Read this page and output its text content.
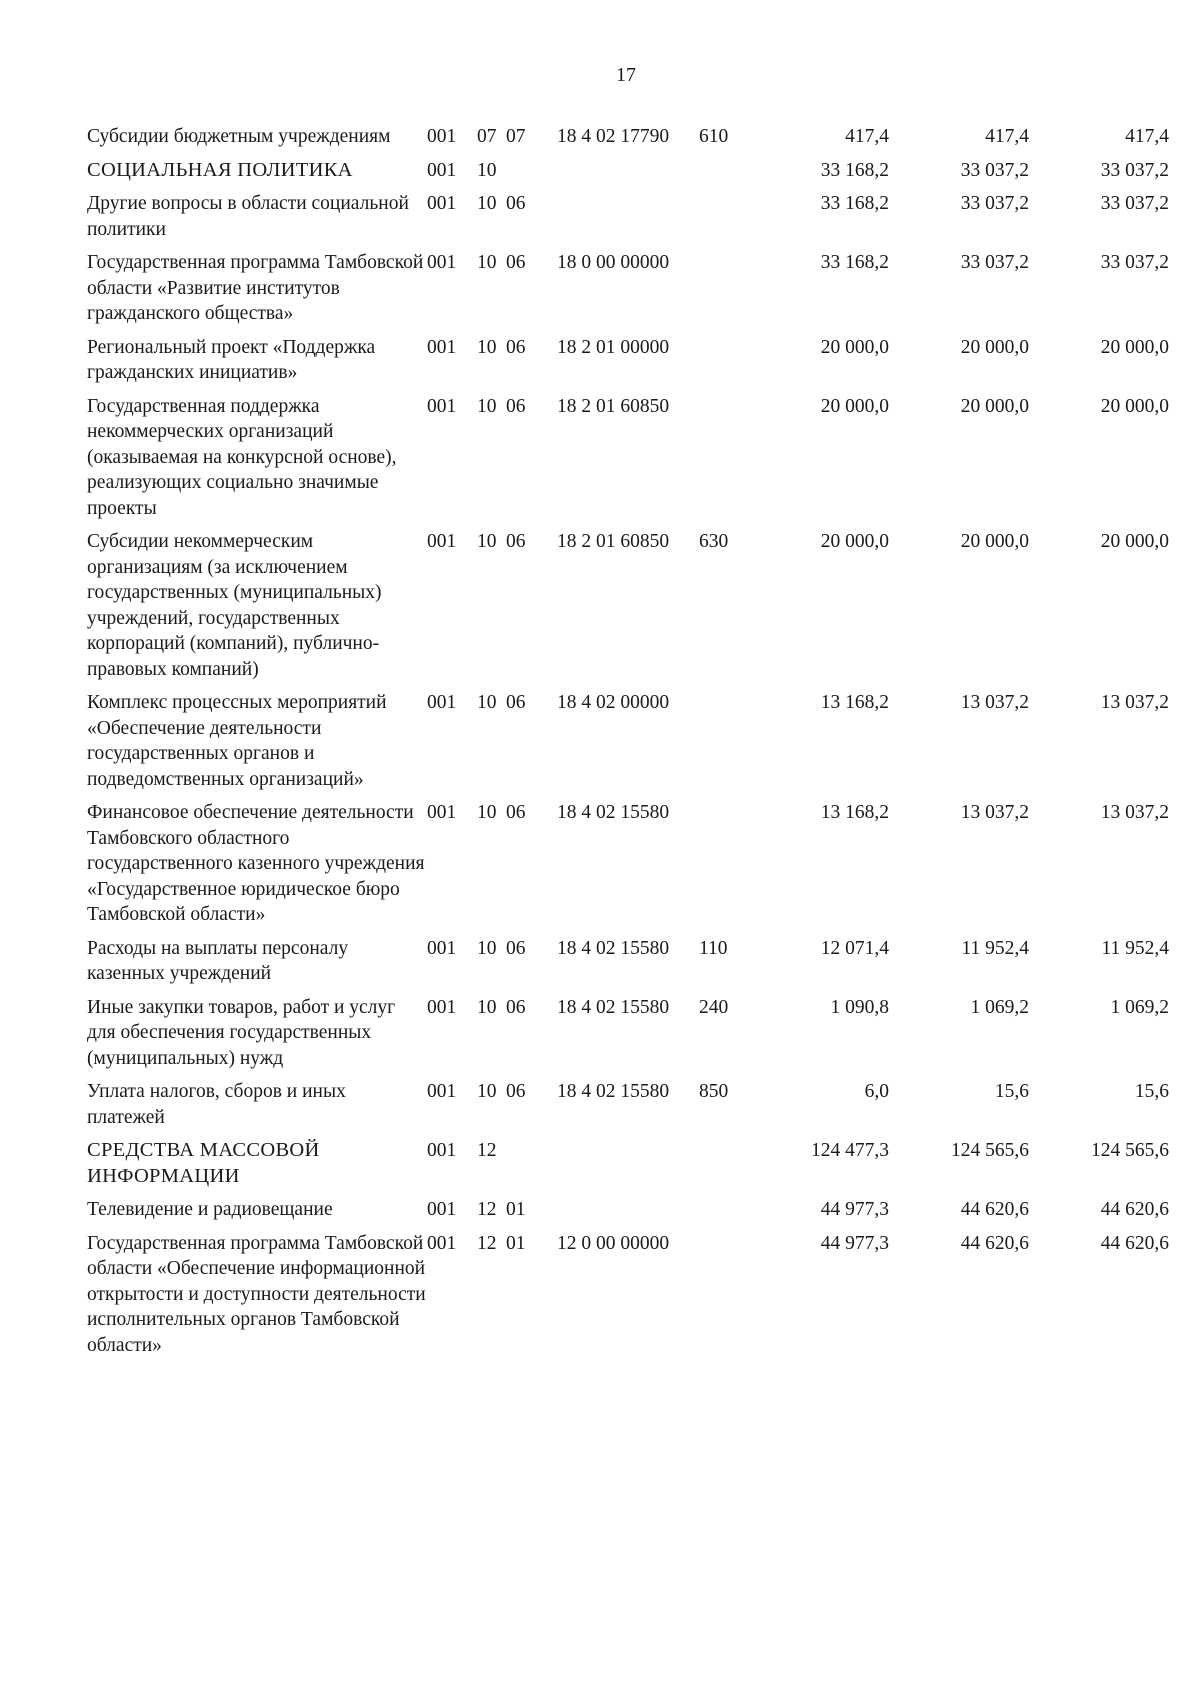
17
Субсидии бюджетным учреждениям	001	07	07	18 4 02 17790	610	417,4	417,4	417,4
СОЦИАЛЬНАЯ ПОЛИТИКА	001	10				33 168,2	33 037,2	33 037,2
Другие вопросы в области социальной политики	001	10	06			33 168,2	33 037,2	33 037,2
Государственная программа Тамбовской области «Развитие институтов гражданского общества»	001	10	06	18 0 00 00000		33 168,2	33 037,2	33 037,2
Региональный проект «Поддержка гражданских инициатив»	001	10	06	18 2 01 00000		20 000,0	20 000,0	20 000,0
Государственная поддержка некоммерческих организаций (оказываемая на конкурсной основе), реализующих социально значимые проекты	001	10	06	18 2 01 60850		20 000,0	20 000,0	20 000,0
Субсидии некоммерческим организациям (за исключением государственных (муниципальных) учреждений, государственных корпораций (компаний), публично-правовых компаний)	001	10	06	18 2 01 60850	630	20 000,0	20 000,0	20 000,0
Комплекс процессных мероприятий «Обеспечение деятельности государственных органов и подведомственных организаций»	001	10	06	18 4 02 00000		13 168,2	13 037,2	13 037,2
Финансовое обеспечение деятельности Тамбовского областного государственного казенного учреждения «Государственное юридическое бюро Тамбовской области»	001	10	06	18 4 02 15580		13 168,2	13 037,2	13 037,2
Расходы на выплаты персоналу казенных учреждений	001	10	06	18 4 02 15580	110	12 071,4	11 952,4	11 952,4
Иные закупки товаров, работ и услуг для обеспечения государственных (муниципальных) нужд	001	10	06	18 4 02 15580	240	1 090,8	1 069,2	1 069,2
Уплата налогов, сборов и иных платежей	001	10	06	18 4 02 15580	850	6,0	15,6	15,6
СРЕДСТВА МАССОВОЙ ИНФОРМАЦИИ	001	12				124 477,3	124 565,6	124 565,6
Телевидение и радиовещание	001	12	01			44 977,3	44 620,6	44 620,6
Государственная программа Тамбовской области «Обеспечение информационной открытости и доступности деятельности исполнительных органов Тамбовской области»	001	12	01	12 0 00 00000		44 977,3	44 620,6	44 620,6
